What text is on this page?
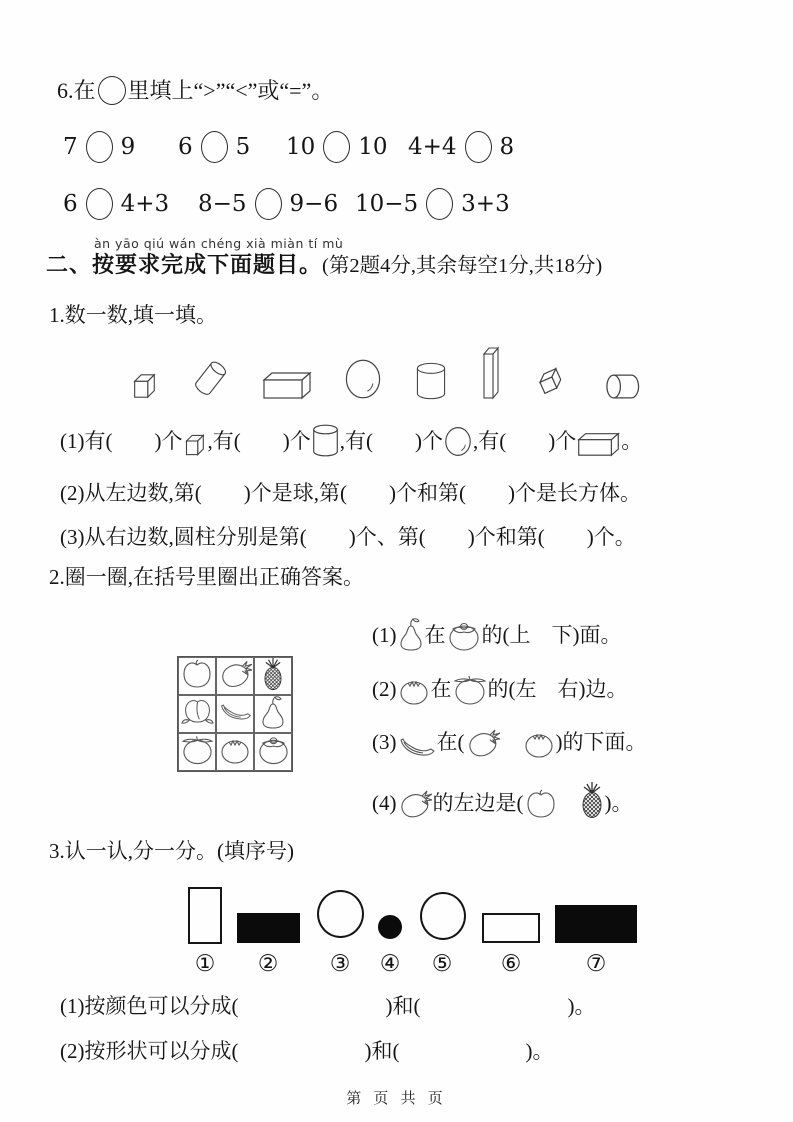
6.在 里填上“>”“<”或“=”。
7 9 6 5 10 10 4+4 8
6 4+3 8−5 9−6 10−5 3+3
àn yāo qiú wán chéng xià miàn tí mù
二、按要求完成下面题目。(第2题4分,其余每空1分,共18分)
1.数一数,填一填。
(1)有(　　)个 ,有(　　)个 ,有(　　)个 ,有(　　)个 。
(2)从左边数,第(　　)个是球,第(　　)个和第(　　)个是长方体。
(3)从右边数,圆柱分别是第(　　)个、第(　　)个和第(　　)个。
2.圈一圈,在括号里圈出正确答案。
(1) 在 的(上　下)面。
(2) 在 的(左　右)边。
(3) 在(　	)的下面。
(4) 的左边是(　	)。
3.认一认,分一分。(填序号)
① ② ③ ④ ⑤ ⑥	⑦
(1)按颜色可以分成(　　　　　　　)和(　　　　　　　)。
(2)按形状可以分成(　　　　　　)和(　　　　　　)。
第 页 共 页
